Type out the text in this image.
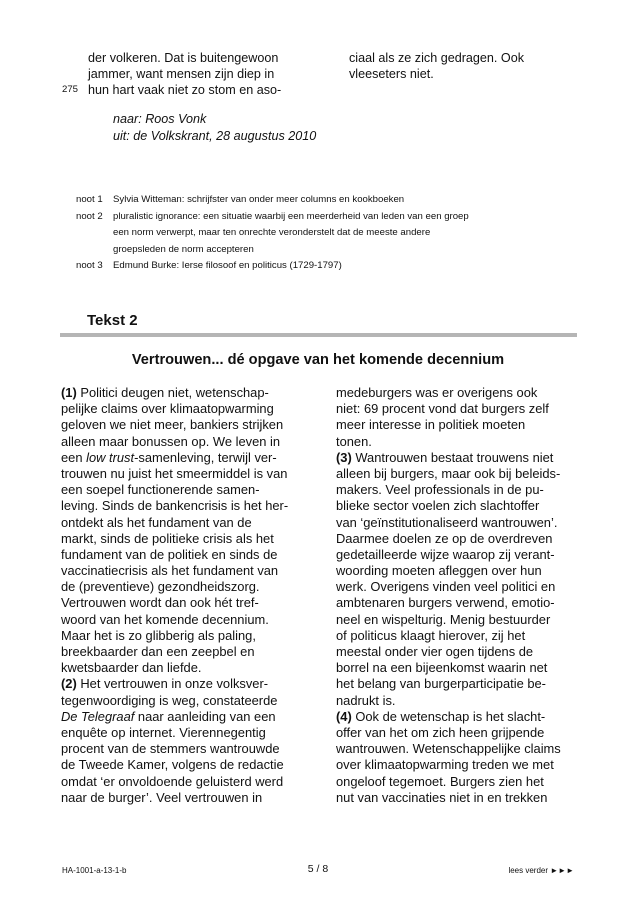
der volkeren. Dat is buitengewoon
jammer, want mensen zijn diep in
hun hart vaak niet zo stom en aso-
275
ciaal als ze zich gedragen. Ook
vleeseters niet.
naar: Roos Vonk
uit: de Volkskrant, 28 augustus 2010
noot 1 Sylvia Witteman: schrijfster van onder meer columns en kookboeken
noot 2 pluralistic ignorance: een situatie waarbij een meerderheid van leden van een groep
een norm verwerpt, maar ten onrechte veronderstelt dat de meeste andere
groepsleden de norm accepteren
noot 3 Edmund Burke: Ierse filosoof en politicus (1729-1797)
Tekst 2
Vertrouwen... dé opgave van het komende decennium
(1) Politici deugen niet, wetenschap-
pelijke claims over klimaatopwarming
geloven we niet meer, bankiers strijken
alleen maar bonussen op. We leven in
een low trust-samenleving, terwijl ver-
trouwen nu juist het smeermiddel is van
een soepel functionerende samen-
leving. Sinds de bankencrisis is het her-
ontdekt als het fundament van de
markt, sinds de politieke crisis als het
fundament van de politiek en sinds de
vaccinatiecrisis als het fundament van
de (preventieve) gezondheidszorg.
Vertrouwen wordt dan ook hét tref-
woord van het komende decennium.
Maar het is zo glibberig als paling,
breekbaarder dan een zeepbel en
kwetsbaarder dan liefde.
(2) Het vertrouwen in onze volksver-
tegenwoordiging is weg, constateerde
De Telegraaf naar aanleiding van een
enquête op internet. Vierennegentig
procent van de stemmers wantrouwde
de Tweede Kamer, volgens de redactie
omdat ‘er onvoldoende geluisterd werd
naar de burger’. Veel vertrouwen in
medeburgers was er overigens ook
niet: 69 procent vond dat burgers zelf
meer interesse in politiek moeten
tonen.
(3) Wantrouwen bestaat trouwens niet
alleen bij burgers, maar ook bij beleids-
makers. Veel professionals in de pu-
blieke sector voelen zich slachtoffer
van ‘geïnstitutionaliseerd wantrouwen’.
Daarmee doelen ze op de overdreven
gedetailleerde wijze waarop zij verant-
woording moeten afleggen over hun
werk. Overigens vinden veel politici en
ambtenaren burgers verwend, emotio-
neel en wispelturig. Menig bestuurder
of politicus klaagt hierover, zij het
meestal onder vier ogen tijdens de
borrel na een bijeenkomst waarin net
het belang van burgerparticipatie be-
nadrukt is.
(4) Ook de wetenschap is het slacht-
offer van het om zich heen grijpende
wantrouwen. Wetenschappelijke claims
over klimaatopwarming treden we met
ongeloof tegemoet. Burgers zien het
nut van vaccinaties niet in en trekken
HA-1001-a-13-1-b	5 / 8	lees verder ►►►
